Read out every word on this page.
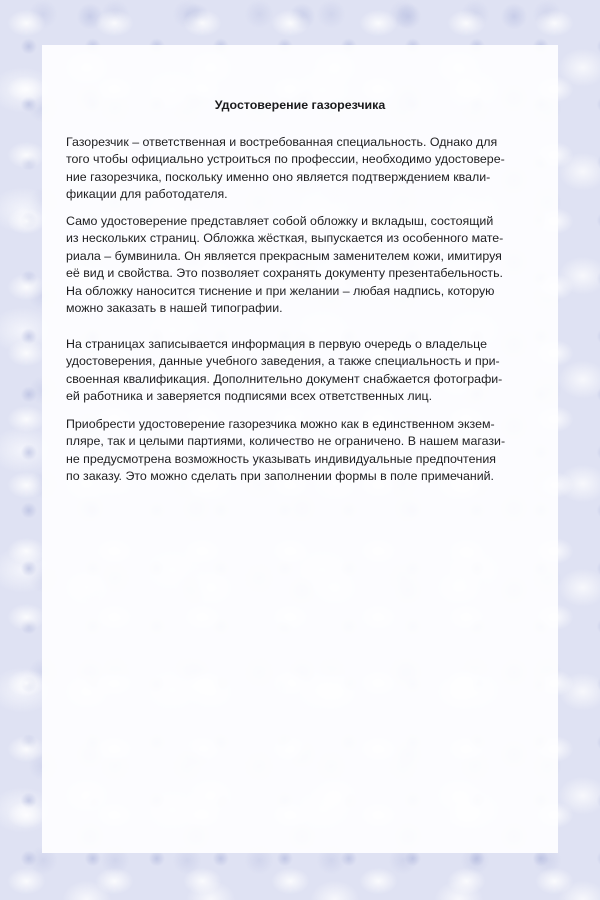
Удостоверение газорезчика
Газорезчик – ответственная и востребованная специальность. Однако для
того чтобы официально устроиться по профессии, необходимо удостовере-
ние газорезчика, поскольку именно оно является подтверждением квали-
фикации для работодателя.
Само удостоверение представляет собой обложку и вкладыш, состоящий
из нескольких страниц. Обложка жёсткая, выпускается из особенного мате-
риала – бумвинила. Он является прекрасным заменителем кожи, имитируя
её вид и свойства. Это позволяет сохранять документу презентабельность.
На обложку наносится тиснение и при желании – любая надпись, которую
можно заказать в нашей типографии.
На страницах записывается информация в первую очередь о владельце
удостоверения, данные учебного заведения, а также специальность и при-
своенная квалификация. Дополнительно документ снабжается фотографи-
ей работника и заверяется подписями всех ответственных лиц.
Приобрести удостоверение газорезчика можно как в единственном экзем-
пляре, так и целыми партиями, количество не ограничено. В нашем магази-
не предусмотрена возможность указывать индивидуальные предпочтения
по заказу. Это можно сделать при заполнении формы в поле примечаний.
